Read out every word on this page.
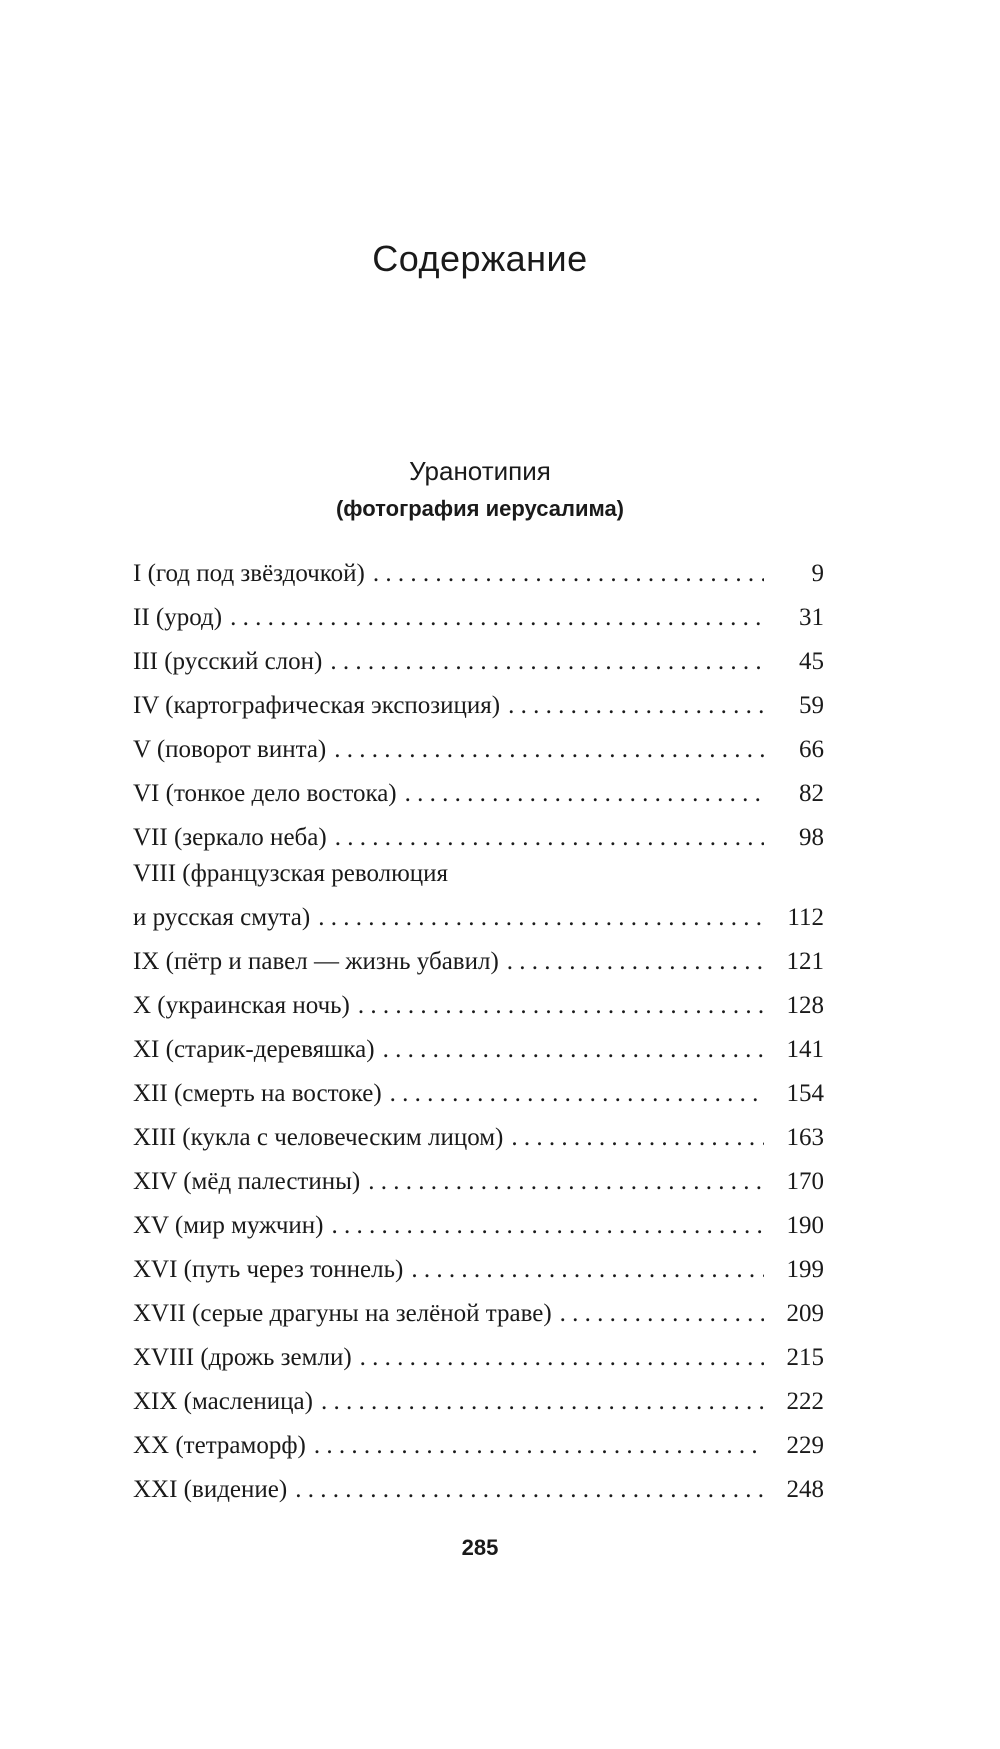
Содержание
Уранотипия
(фотография иерусалима)
I (год под звёздочкой) . . .	9
II (урод) . . .	31
III (русский слон) . . .	45
IV (картографическая экспозиция) . . .	59
V (поворот винта) . . .	66
VI (тонкое дело востока) . . .	82
VII (зеркало неба) . . .	98
VIII (французская революция
и русская смута) . . .	112
IX (пётр и павел — жизнь убавил) . . .	121
X (украинская ночь) . . .	128
XI (старик-деревяшка) . . .	141
XII (смерть на востоке) . . .	154
XIII (кукла с человеческим лицом) . . .	163
XIV (мёд палестины) . . .	170
XV (мир мужчин) . . .	190
XVI (путь через тоннель) . . .	199
XVII (серые драгуны на зелёной траве) . . .	209
XVIII (дрожь земли) . . .	215
XIX (масленица) . . .	222
XX (тетраморф) . . .	229
XXI (видение) . . .	248
285
